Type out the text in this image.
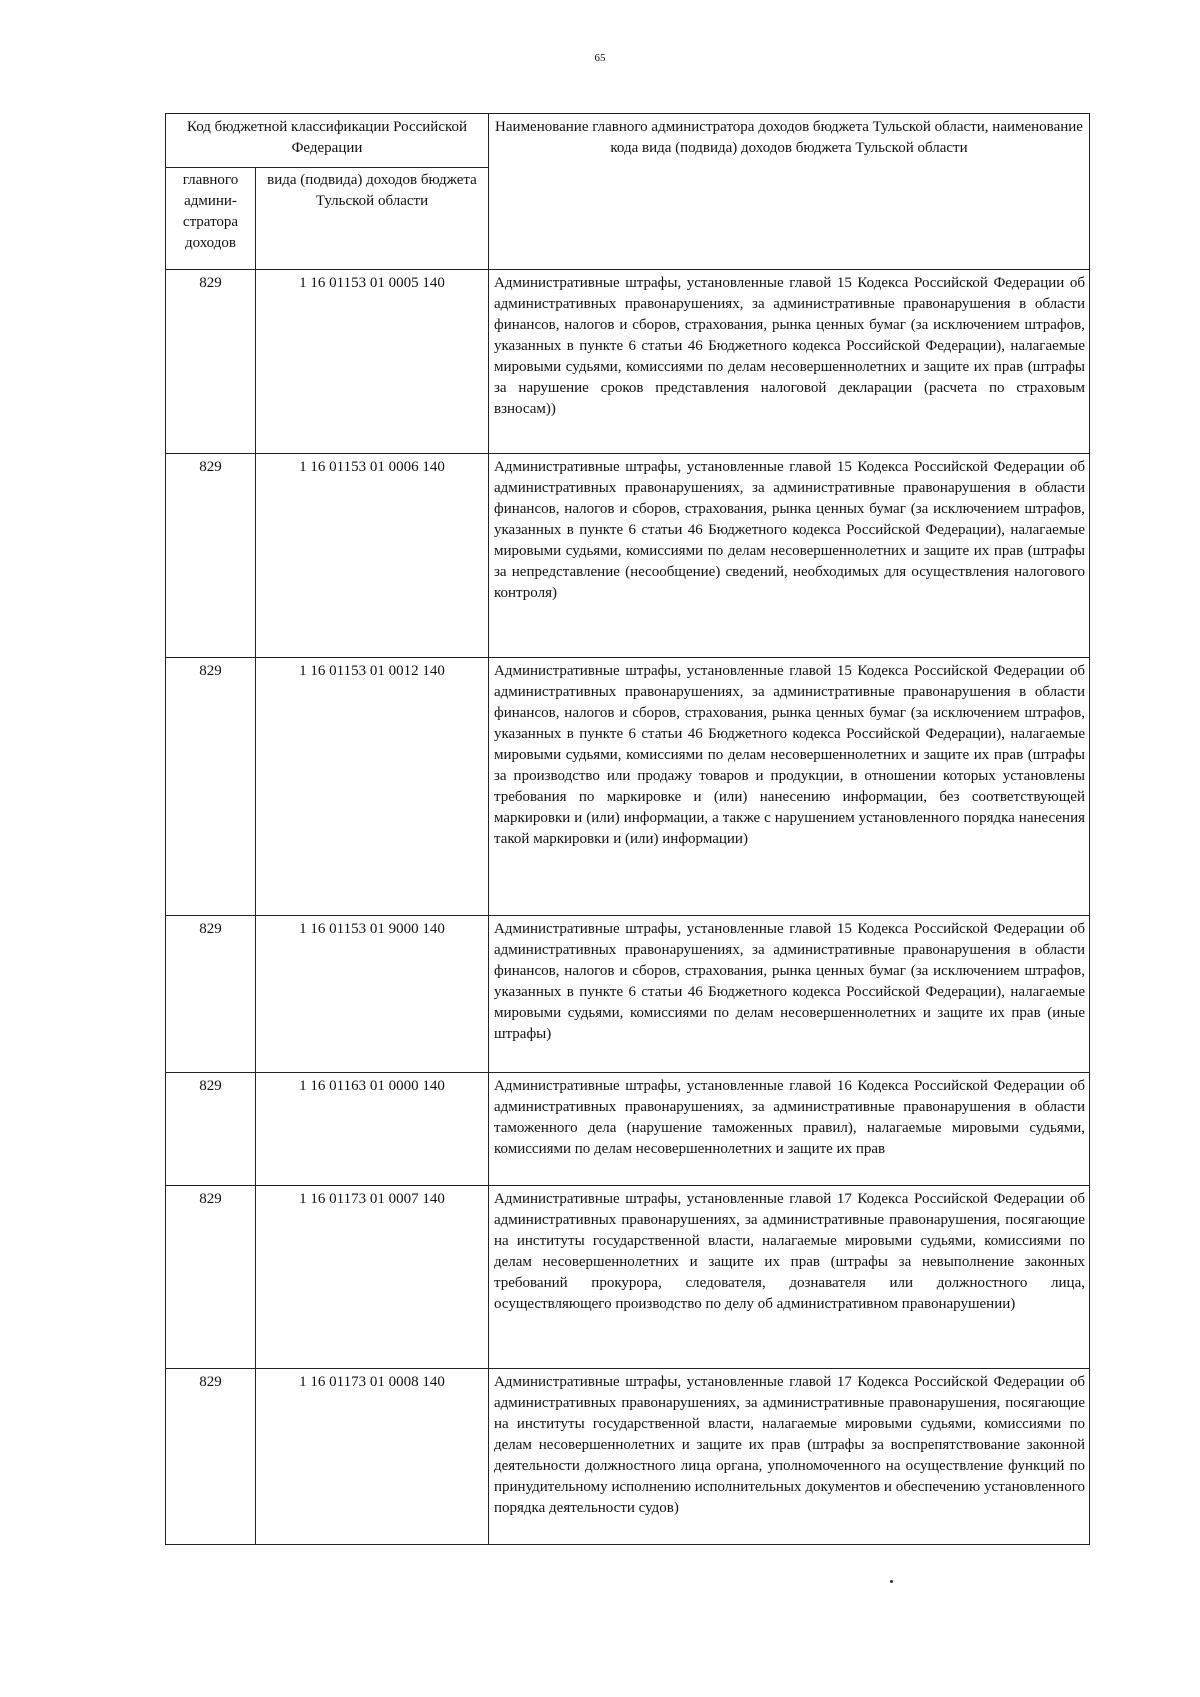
65
Код бюджетной классификации Российской Федерации		Наименование главного администратора доходов бюджета Тульской области, наименование кода вида (подвида) доходов бюджета Тульской области
главного админи-стратора доходов	вида (подвида) доходов бюджета Тульской области	
829	1 16 01153 01 0005 140	Административные штрафы, установленные главой 15 Кодекса Российской Федерации об административных правонарушениях, за административные правонарушения в области финансов, налогов и сборов, страхования, рынка ценных бумаг (за исключением штрафов, указанных в пункте 6 статьи 46 Бюджетного кодекса Российской Федерации), налагаемые мировыми судьями, комиссиями по делам несовершеннолетних и защите их прав (штрафы за нарушение сроков представления налоговой декларации (расчета по страховым взносам))
829	1 16 01153 01 0006 140	Административные штрафы, установленные главой 15 Кодекса Российской Федерации об административных правонарушениях, за административные правонарушения в области финансов, налогов и сборов, страхования, рынка ценных бумаг (за исключением штрафов, указанных в пункте 6 статьи 46 Бюджетного кодекса Российской Федерации), налагаемые мировыми судьями, комиссиями по делам несовершеннолетних и защите их прав (штрафы за непредставление (несообщение) сведений, необходимых для осуществления налогового контроля)
829	1 16 01153 01 0012 140	Административные штрафы, установленные главой 15 Кодекса Российской Федерации об административных правонарушениях, за административные правонарушения в области финансов, налогов и сборов, страхования, рынка ценных бумаг (за исключением штрафов, указанных в пункте 6 статьи 46 Бюджетного кодекса Российской Федерации), налагаемые мировыми судьями, комиссиями по делам несовершеннолетних и защите их прав (штрафы за производство или продажу товаров и продукции, в отношении которых установлены требования по маркировке и (или) нанесению информации, без соответствующей маркировки и (или) информации, а также с нарушением установленного порядка нанесения такой маркировки и (или) информации)
829	1 16 01153 01 9000 140	Административные штрафы, установленные главой 15 Кодекса Российской Федерации об административных правонарушениях, за административные правонарушения в области финансов, налогов и сборов, страхования, рынка ценных бумаг (за исключением штрафов, указанных в пункте 6 статьи 46 Бюджетного кодекса Российской Федерации), налагаемые мировыми судьями, комиссиями по делам несовершеннолетних и защите их прав (иные штрафы)
829	1 16 01163 01 0000 140	Административные штрафы, установленные главой 16 Кодекса Российской Федерации об административных правонарушениях, за административные правонарушения в области таможенного дела (нарушение таможенных правил), налагаемые мировыми судьями, комиссиями по делам несовершеннолетних и защите их прав
829	1 16 01173 01 0007 140	Административные штрафы, установленные главой 17 Кодекса Российской Федерации об административных правонарушениях, за административные правонарушения, посягающие на институты государственной власти, налагаемые мировыми судьями, комиссиями по делам несовершеннолетних и защите их прав (штрафы за невыполнение законных требований прокурора, следователя, дознавателя или должностного лица, осуществляющего производство по делу об административном правонарушении)
829	1 16 01173 01 0008 140	Административные штрафы, установленные главой 17 Кодекса Российской Федерации об административных правонарушениях, за административные правонарушения, посягающие на институты государственной власти, налагаемые мировыми судьями, комиссиями по делам несовершеннолетних и защите их прав (штрафы за воспрепятствование законной деятельности должностного лица органа, уполномоченного на осуществление функций по принудительному исполнению исполнительных документов и обеспечению установленного порядка деятельности судов)
